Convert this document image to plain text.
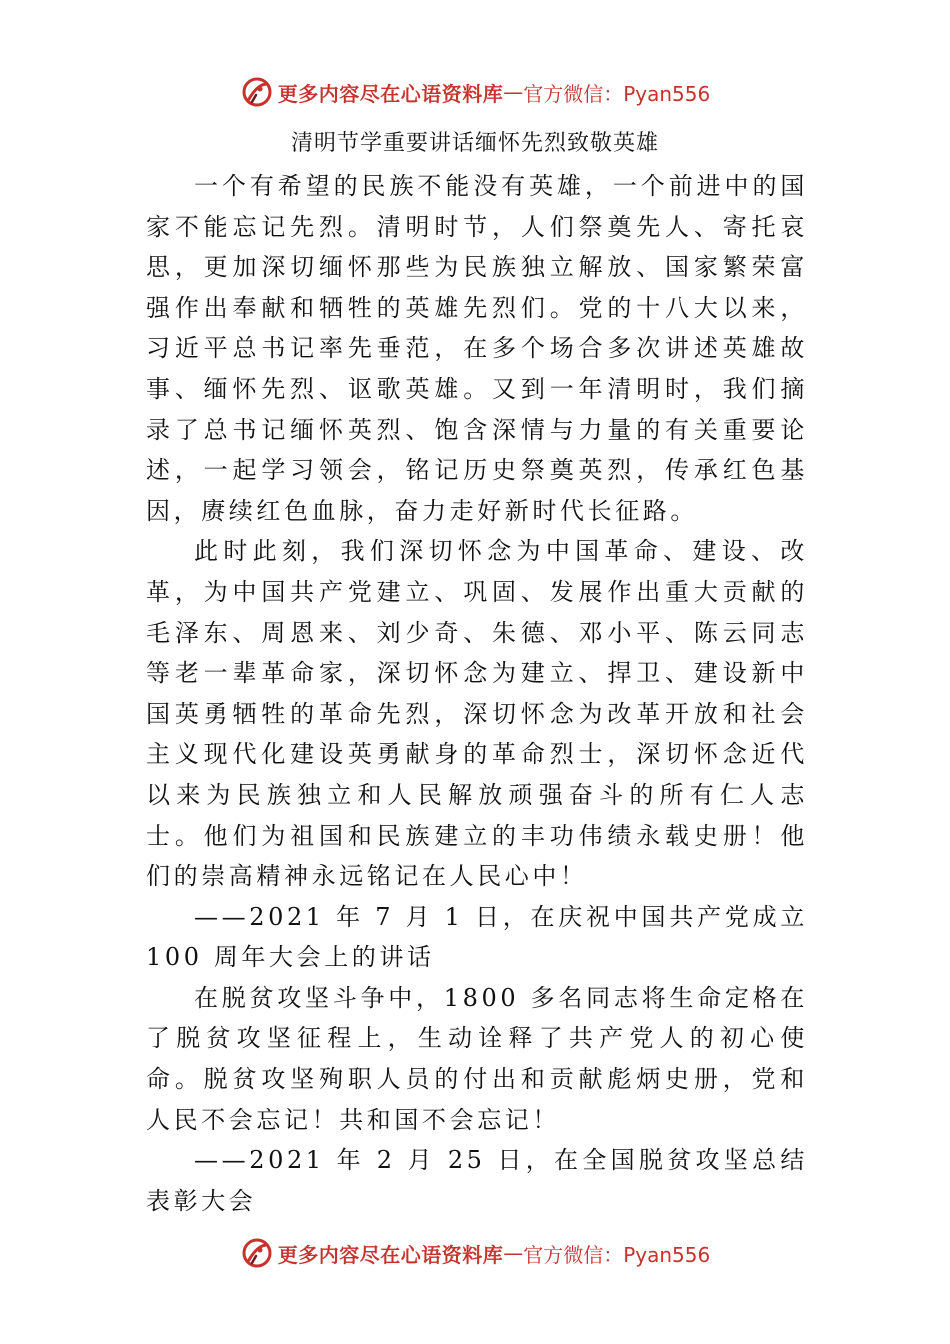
更多内容尽在心语资料库 — 官方微信：Pyan556
清明节学重要讲话缅怀先烈致敬英雄

一个有希望的民族不能没有英雄，一个前进中的国家不能忘记先烈。清明时节，人们祭奠先人、寄托哀思，更加深切缅怀那些为民族独立解放、国家繁荣富强作出奉献和牺牲的英雄先烈们。党的十八大以来，习近平总书记率先垂范，在多个场合多次讲述英雄故事、缅怀先烈、讴歌英雄。又到一年清明时，我们摘录了总书记缅怀英烈、饱含深情与力量的有关重要论述，一起学习领会，铭记历史祭奠英烈，传承红色基因，赓续红色血脉，奋力走好新时代长征路。

此时此刻，我们深切怀念为中国革命、建设、改革，为中国共产党建立、巩固、发展作出重大贡献的毛泽东、周恩来、刘少奇、朱德、邓小平、陈云同志等老一辈革命家，深切怀念为建立、捍卫、建设新中国英勇牺牲的革命先烈，深切怀念为改革开放和社会主义现代化建设英勇献身的革命烈士，深切怀念近代以来为民族独立和人民解放顽强奋斗的所有仁人志士。他们为祖国和民族建立的丰功伟绩永载史册！他们的崇高精神永远铭记在人民心中！

——2021 年 7 月 1 日，在庆祝中国共产党成立 100 周年大会上的讲话

在脱贫攻坚斗争中，1800 多名同志将生命定格在了脱贫攻坚征程上，生动诠释了共产党人的初心使命。脱贫攻坚殉职人员的付出和贡献彪炳史册，党和人民不会忘记！共和国不会忘记！

——2021 年 2 月 25 日，在全国脱贫攻坚总结表彰大会

更多内容尽在心语资料库 — 官方微信：Pyan556
